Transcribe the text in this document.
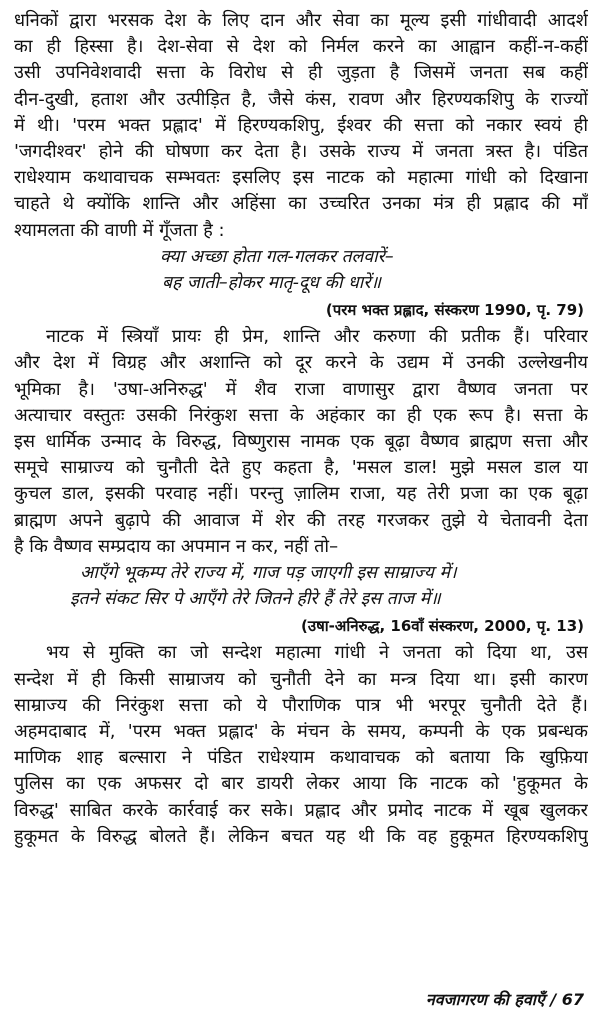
धनिकों द्वारा भरसक देश के लिए दान और सेवा का मूल्य इसी गांधीवादी आदर्श
का ही हिस्सा है। देश-सेवा से देश को निर्मल करने का आह्वान कहीं-न-कहीं
उसी उपनिवेशवादी सत्ता के विरोध से ही जुड़ता है जिसमें जनता सब कहीं
दीन-दुखी, हताश और उत्पीड़ित है, जैसे कंस, रावण और हिरण्यकशिपु के राज्यों
में थी। 'परम भक्त प्रह्लाद' में हिरण्यकशिपु, ईश्वर की सत्ता को नकार स्वयं ही
'जगदीश्वर' होने की घोषणा कर देता है। उसके राज्य में जनता त्रस्त है। पंडित
राधेश्याम कथावाचक सम्भवतः इसलिए इस नाटक को महात्मा गांधी को दिखाना
चाहते थे क्योंकि शान्ति और अहिंसा का उच्चरित उनका मंत्र ही प्रह्लाद की माँ
श्यामलता की वाणी में गूँजता है :
क्या अच्छा होता गल-गलकर तलवारें–
बह जाती–होकर मातृ-दूध की धारें॥
(परम भक्त प्रह्लाद, संस्करण 1990, पृ. 79)
नाटक में स्त्रियाँ प्रायः ही प्रेम, शान्ति और करुणा की प्रतीक हैं। परिवार
और देश में विग्रह और अशान्ति को दूर करने के उद्यम में उनकी उल्लेखनीय
भूमिका है। 'उषा-अनिरुद्ध' में शैव राजा वाणासुर द्वारा वैष्णव जनता पर
अत्याचार वस्तुतः उसकी निरंकुश सत्ता के अहंकार का ही एक रूप है। सत्ता के
इस धार्मिक उन्माद के विरुद्ध, विष्णुरास नामक एक बूढ़ा वैष्णव ब्राह्मण सत्ता और
समूचे साम्राज्य को चुनौती देते हुए कहता है, 'मसल डाल! मुझे मसल डाल या
कुचल डाल, इसकी परवाह नहीं। परन्तु ज़ालिम राजा, यह तेरी प्रजा का एक बूढ़ा
ब्राह्मण अपने बुढ़ापे की आवाज में शेर की तरह गरजकर तुझे ये चेतावनी देता
है कि वैष्णव सम्प्रदाय का अपमान न कर, नहीं तो–
आएँगे भूकम्प तेरे राज्य में, गाज पड़ जाएगी इस साम्राज्य में।
इतने संकट सिर पे आएँगे तेरे जितने हीरे हैं तेरे इस ताज में॥
(उषा-अनिरुद्ध, 16वाँ संस्करण, 2000, पृ. 13)
भय से मुक्ति का जो सन्देश महात्मा गांधी ने जनता को दिया था, उस
सन्देश में ही किसी साम्राजय को चुनौती देने का मन्त्र दिया था। इसी कारण
साम्राज्य की निरंकुश सत्ता को ये पौराणिक पात्र भी भरपूर चुनौती देते हैं।
अहमदाबाद में, 'परम भक्त प्रह्लाद' के मंचन के समय, कम्पनी के एक प्रबन्धक
माणिक शाह बल्सारा ने पंडित राधेश्याम कथावाचक को बताया कि खुफ़िया
पुलिस का एक अफसर दो बार डायरी लेकर आया कि नाटक को 'हुकूमत के
विरुद्ध' साबित करके कार्रवाई कर सके। प्रह्लाद और प्रमोद नाटक में खूब खुलकर
हुकूमत के विरुद्ध बोलते हैं। लेकिन बचत यह थी कि वह हुकूमत हिरण्यकशिपु
नवजागरण की हवाएँ / 67
